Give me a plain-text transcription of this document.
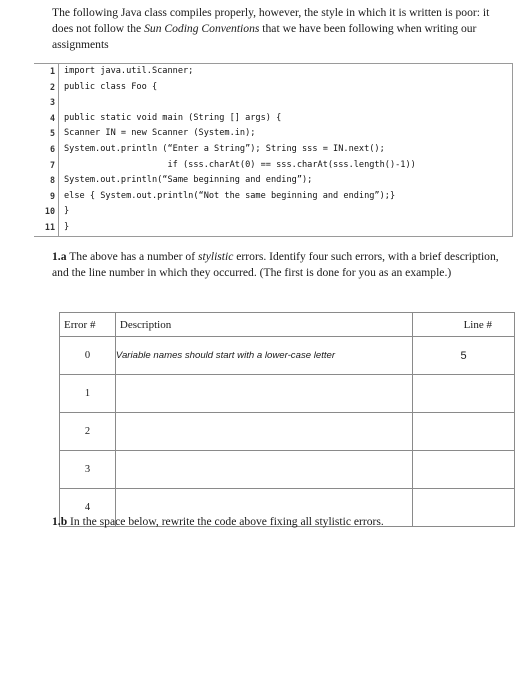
The following Java class compiles properly, however, the style in which it is written is poor: it does not follow the Sun Coding Conventions that we have been following when writing our assignments

1	import java.util.Scanner;
2	public class Foo {
3
4	public static void main (String [] args) {
5	Scanner IN = new Scanner (System.in);
6	System.out.println (“Enter a String”); String sss = IN.next();
7	if (sss.charAt(0) == sss.charAt(sss.length()-1))
8	System.out.println(“Same beginning and ending”);
9	else { System.out.println(“Not the same beginning and ending”);}
10	}
11	}

1.a The above has a number of stylistic errors. Identify four such errors, with a brief description, and the line number in which they occurred. (The first is done for you as an example.)

Error #	Description	Line #
0	Variable names should start with a lower-case letter	5
1		
2		
3		
4		

1.b In the space below, rewrite the code above fixing all stylistic errors.
